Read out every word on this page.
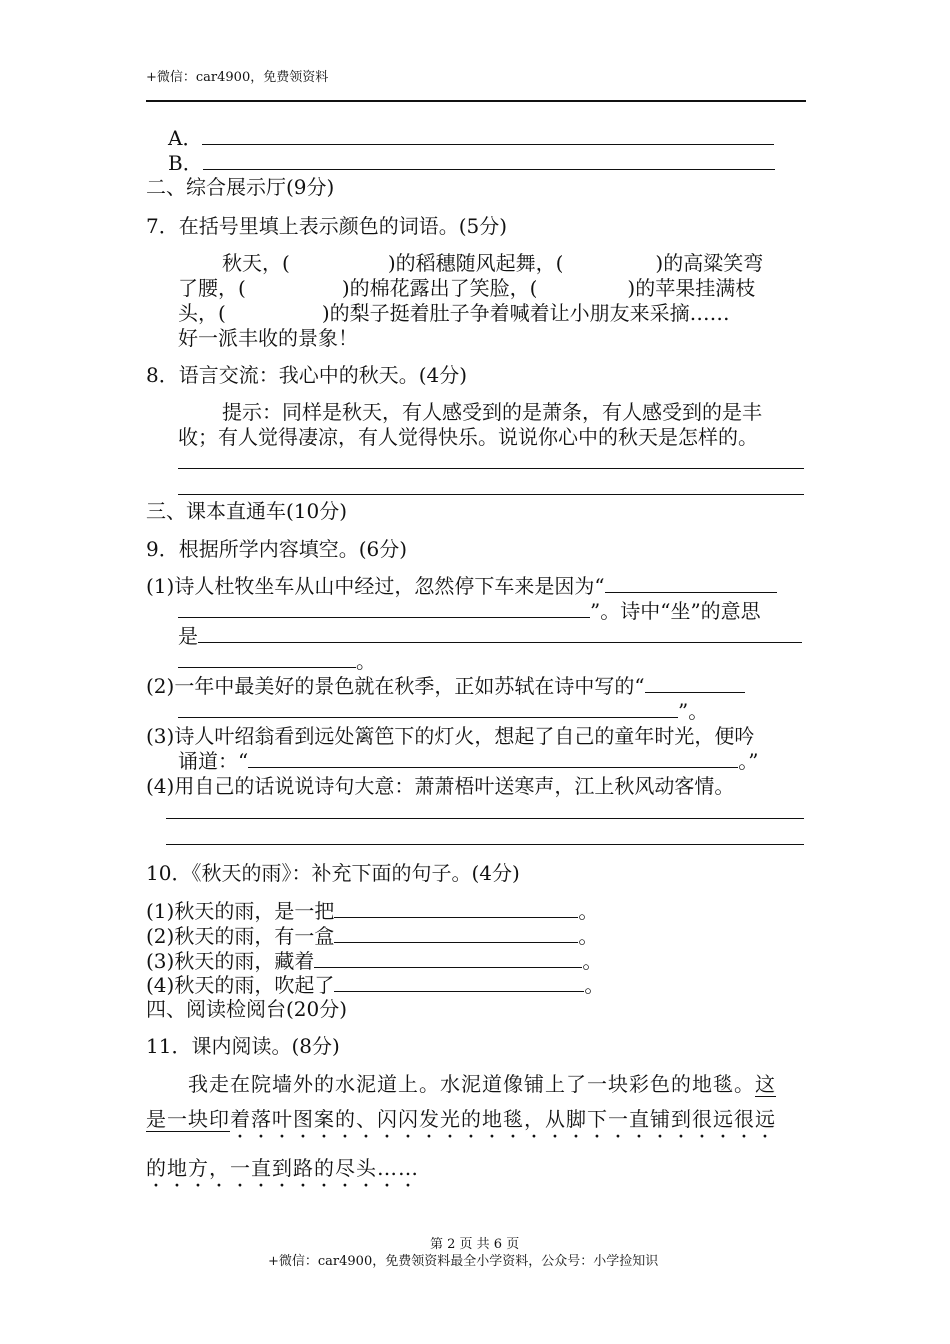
+微信：car4900，免费领资料
A．
B．
二、综合展示厅(9分)
7．在括号里填上表示颜色的词语。(5分)
秋天，(	)的稻穗随风起舞，(	)的高粱笑弯
了腰，(	)的棉花露出了笑脸，(	)的苹果挂满枝
头，(	)的梨子挺着肚子争着喊着让小朋友来采摘……
好一派丰收的景象！
8．语言交流：我心中的秋天。(4分)
提示：同样是秋天，有人感受到的是萧条，有人感受到的是丰
收；有人觉得凄凉，有人觉得快乐。说说你心中的秋天是怎样的。
三、课本直通车(10分)
9．根据所学内容填空。(6分)
(1)诗人杜牧坐车从山中经过，忽然停下车来是因为“
”。诗中“坐”的意思
是
。
(2)一年中最美好的景色就在秋季，正如苏轼在诗中写的“
”。
(3)诗人叶绍翁看到远处篱笆下的灯火，想起了自己的童年时光，便吟
诵道：“	。”
(4)用自己的话说说诗句大意：萧萧梧叶送寒声，江上秋风动客情。
10．《秋天的雨》：补充下面的句子。(4分)
(1)秋天的雨，是一把	。
(2)秋天的雨，有一盒	。
(3)秋天的雨，藏着	。
(4)秋天的雨，吹起了	。
四、阅读检阅台(20分)
11．课内阅读。(8分)
我走在院墙外的水泥道上。水泥道像铺上了一块彩色的地毯。这
是一块印着落叶图案的、 ·闪闪发光的地毯， ·从脚下一直铺到很远很远
的地方， ·一直到路的尽头… ·… ·
第 2 页 共 6 页
+微信：car4900，免费领资料最全小学资料，公众号：小学捡知识
